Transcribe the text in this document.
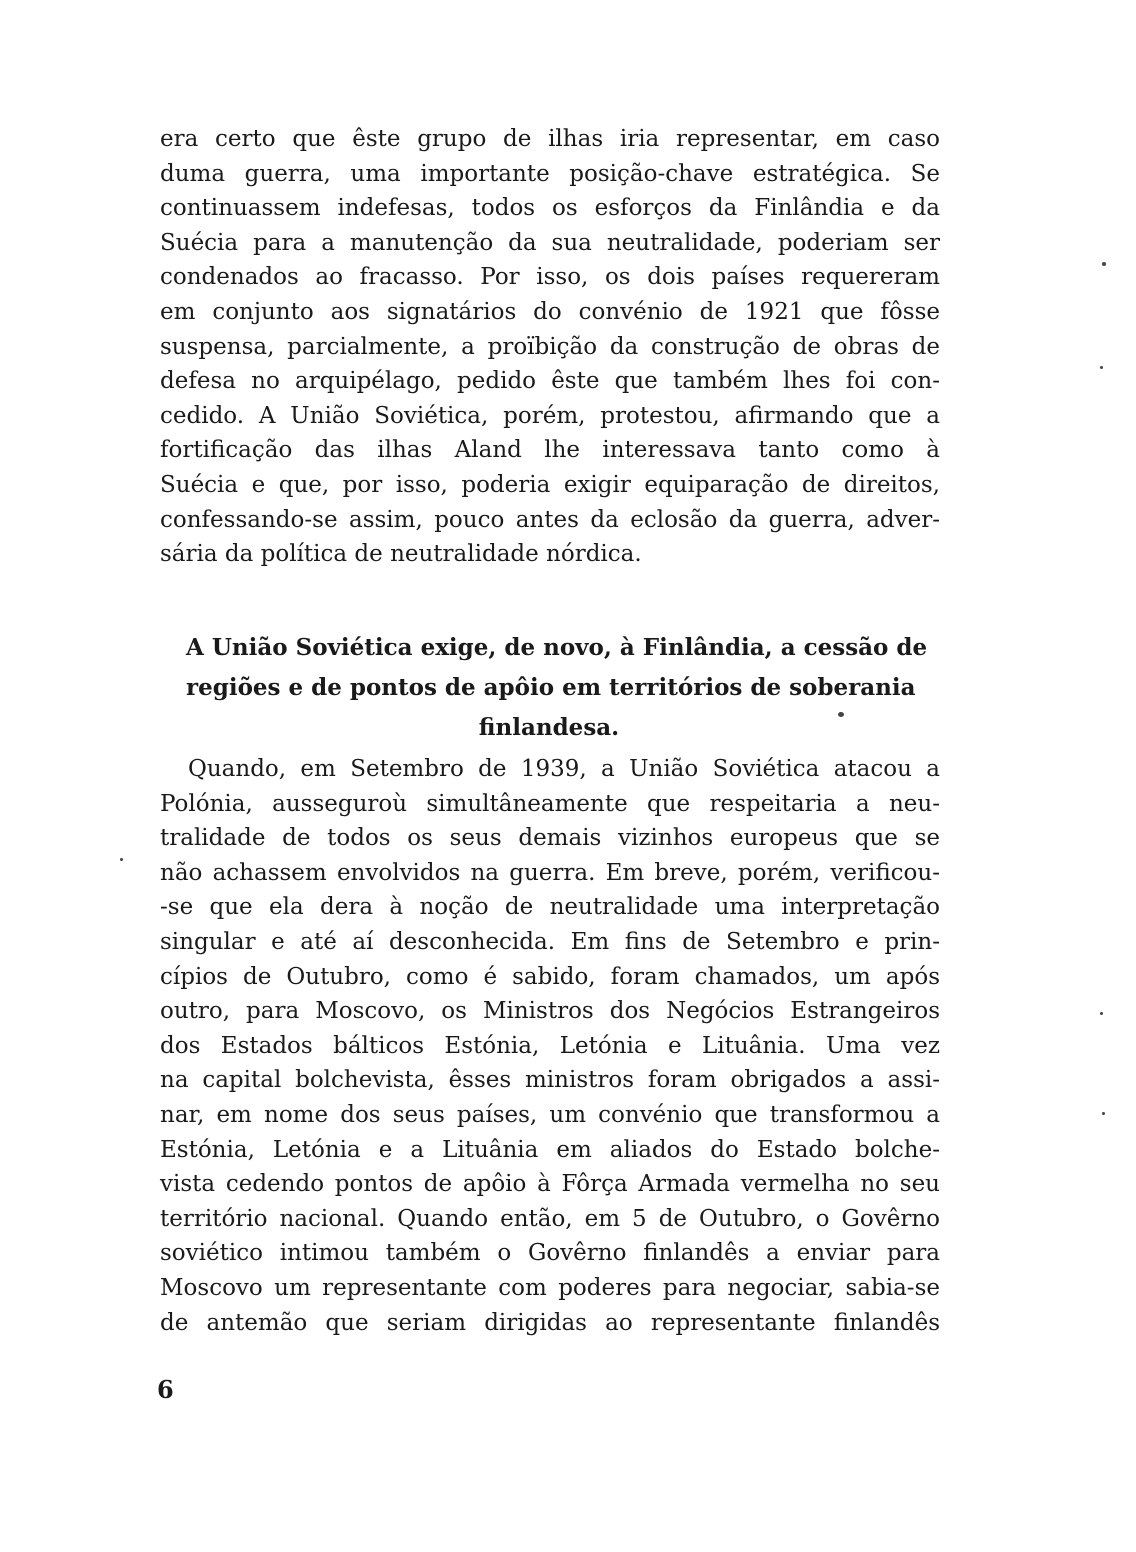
era certo que êste grupo de ilhas iria representar, em caso
duma guerra, uma importante posição-chave estratégica. Se
continuassem indefesas, todos os esforços da Finlândia e da
Suécia para a manutenção da sua neutralidade, poderiam ser
condenados ao fracasso. Por isso, os dois países requereram
em conjunto aos signatários do convénio de 1921 que fôsse
suspensa, parcialmente, a proïbição da construção de obras de
defesa no arquipélago, pedido êste que também lhes foi con-
cedido. A União Soviética, porém, protestou, afirmando que a
fortificação das ilhas Aland lhe interessava tanto como à
Suécia e que, por isso, poderia exigir equiparação de direitos,
confessando-se assim, pouco antes da eclosão da guerra, adver-
sária da política de neutralidade nórdica.
A União Soviética exige, de novo, à Finlândia, a cessão de
regiões e de pontos de apôio em territórios de soberania
finlandesa.
Quando, em Setembro de 1939, a União Soviética atacou a
Polónia, ausseguroù simultâneamente que respeitaria a neu-
tralidade de todos os seus demais vizinhos europeus que se
não achassem envolvidos na guerra. Em breve, porém, verificou-
-se que ela dera à noção de neutralidade uma interpretação
singular e até aí desconhecida. Em fins de Setembro e prin-
cípios de Outubro, como é sabido, foram chamados, um após
outro, para Moscovo, os Ministros dos Negócios Estrangeiros
dos Estados bálticos Estónia, Letónia e Lituânia. Uma vez
na capital bolchevista, êsses ministros foram obrigados a assi-
nar, em nome dos seus países, um convénio que transformou a
Estónia, Letónia e a Lituânia em aliados do Estado bolche-
vista cedendo pontos de apôio à Fôrça Armada vermelha no seu
território nacional. Quando então, em 5 de Outubro, o Govêrno
soviético intimou também o Govêrno finlandês a enviar para
Moscovo um representante com poderes para negociar, sabia-se
de antemão que seriam dirigidas ao representante finlandês
6
